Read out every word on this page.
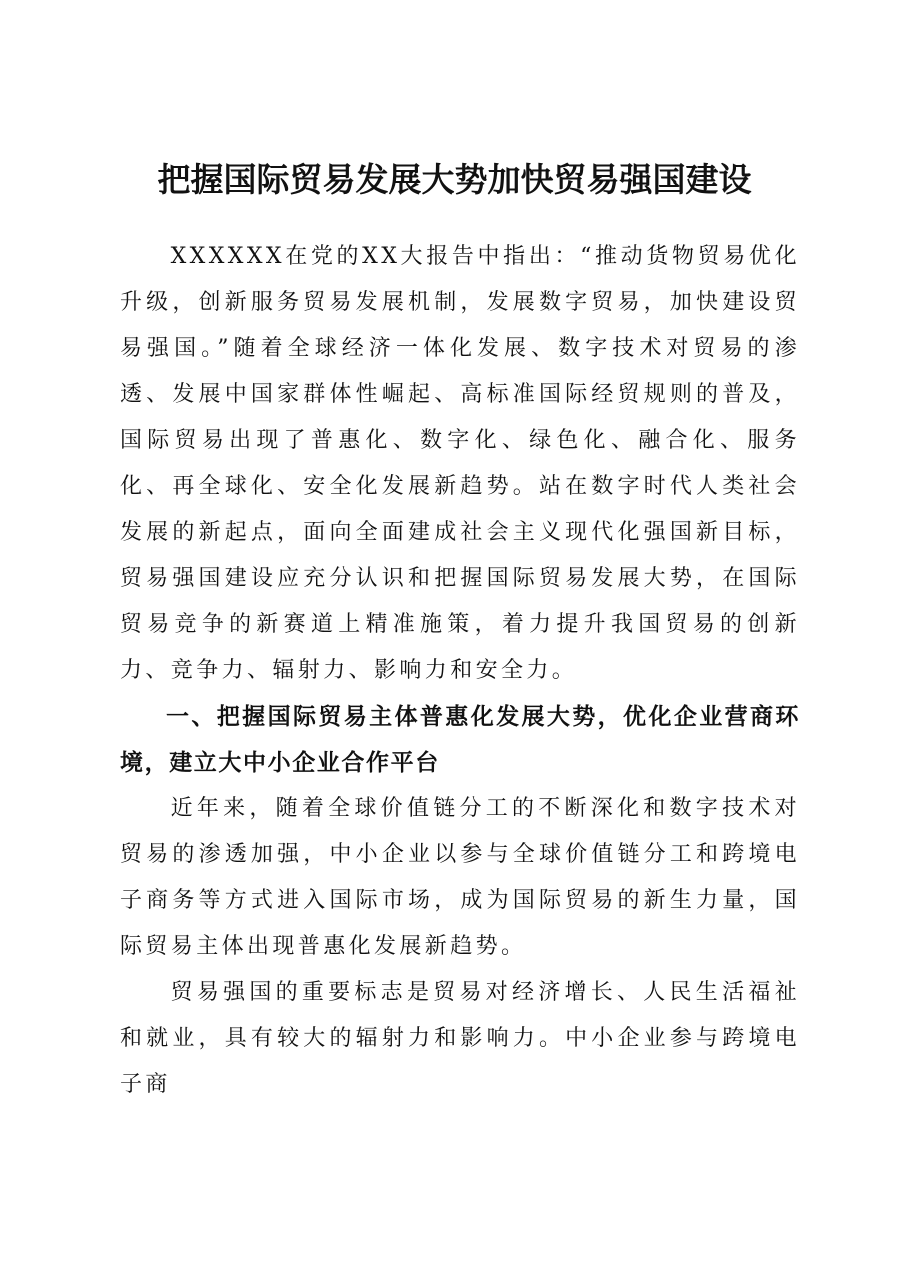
把握国际贸易发展大势加快贸易强国建设

XXXXXX在党的XX大报告中指出：“推动货物贸易优化升级，创新服务贸易发展机制，发展数字贸易，加快建设贸易强国。”随着全球经济一体化发展、数字技术对贸易的渗透、发展中国家群体性崛起、高标准国际经贸规则的普及，国际贸易出现了普惠化、数字化、绿色化、融合化、服务化、再全球化、安全化发展新趋势。站在数字时代人类社会发展的新起点，面向全面建成社会主义现代化强国新目标，贸易强国建设应充分认识和把握国际贸易发展大势，在国际贸易竞争的新赛道上精准施策，着力提升我国贸易的创新力、竞争力、辐射力、影响力和安全力。

一、把握国际贸易主体普惠化发展大势，优化企业营商环境，建立大中小企业合作平台

近年来，随着全球价值链分工的不断深化和数字技术对贸易的渗透加强，中小企业以参与全球价值链分工和跨境电子商务等方式进入国际市场，成为国际贸易的新生力量，国际贸易主体出现普惠化发展新趋势。

贸易强国的重要标志是贸易对经济增长、人民生活福祉和就业，具有较大的辐射力和影响力。中小企业参与跨境电子商
